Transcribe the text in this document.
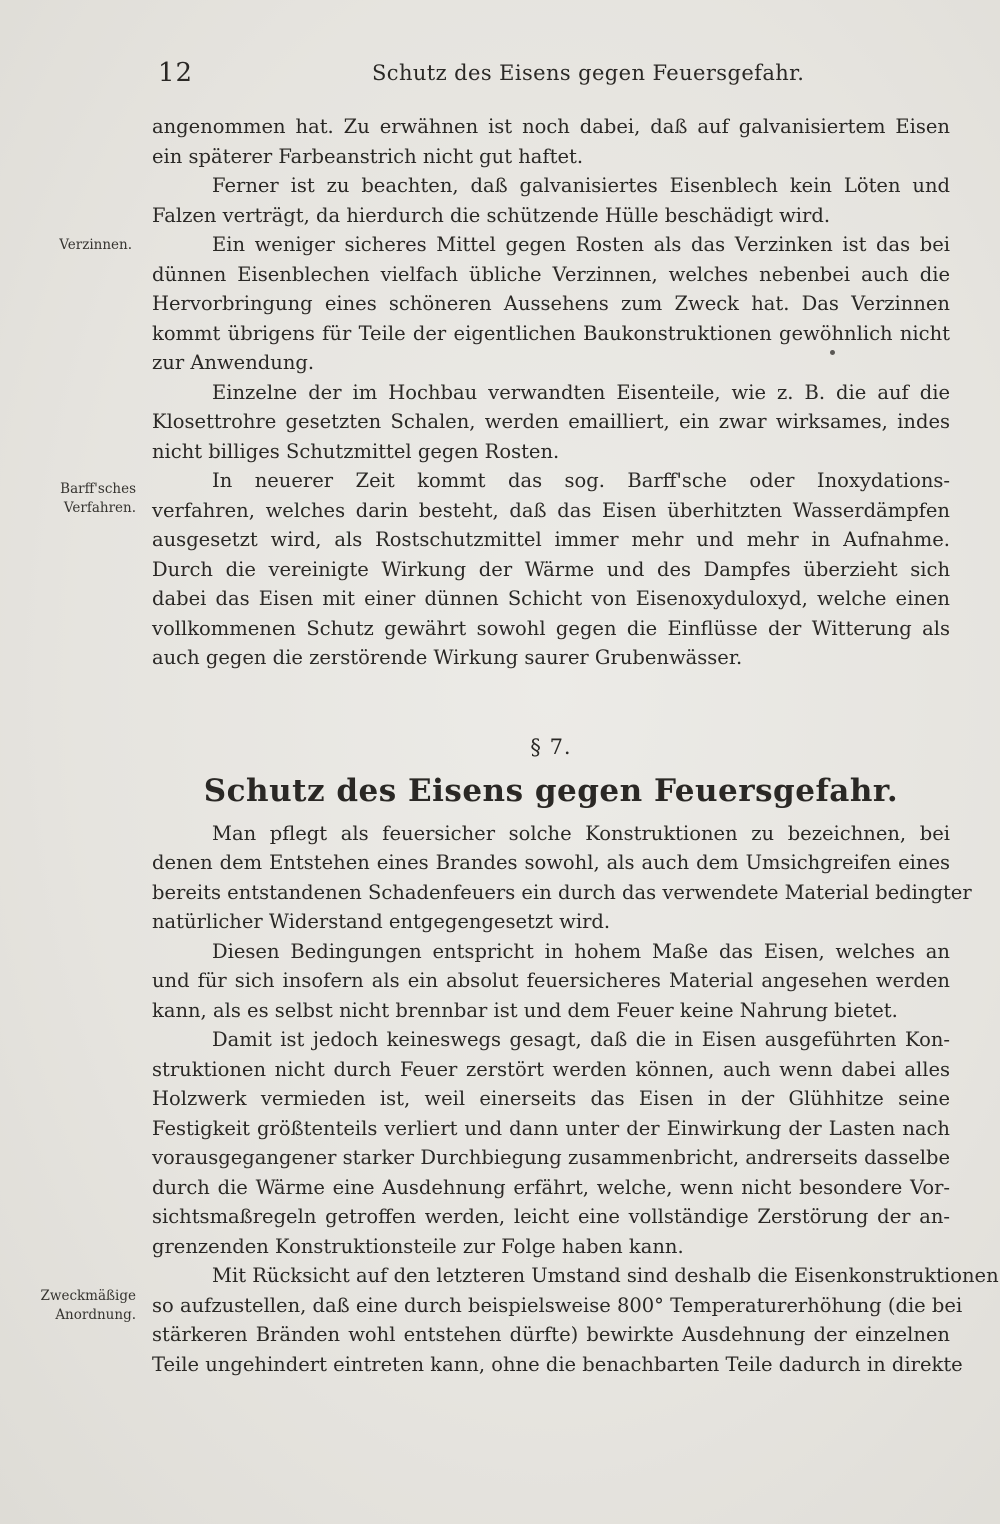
12	Schutz des Eisens gegen Feuersgefahr.
Verzinnen.
Barff'sches Verfahren.
Zweckmäßige Anordnung.
angenommen hat. Zu erwähnen ist noch dabei, daß auf galvanisiertem Eisen
ein späterer Farbeanstrich nicht gut haftet.
Ferner ist zu beachten, daß galvanisiertes Eisenblech kein Löten und
Falzen verträgt, da hierdurch die schützende Hülle beschädigt wird.
Ein weniger sicheres Mittel gegen Rosten als das Verzinken ist das bei
dünnen Eisenblechen vielfach übliche Verzinnen, welches nebenbei auch die
Hervorbringung eines schöneren Aussehens zum Zweck hat. Das Verzinnen
kommt übrigens für Teile der eigentlichen Baukonstruktionen gewöhnlich nicht
zur Anwendung.
Einzelne der im Hochbau verwandten Eisenteile, wie z. B. die auf die
Klosettrohre gesetzten Schalen, werden emailliert, ein zwar wirksames, indes
nicht billiges Schutzmittel gegen Rosten.
In neuerer Zeit kommt das sog. Barff'sche oder Inoxydations-
verfahren, welches darin besteht, daß das Eisen überhitzten Wasserdämpfen
ausgesetzt wird, als Rostschutzmittel immer mehr und mehr in Aufnahme.
Durch die vereinigte Wirkung der Wärme und des Dampfes überzieht sich
dabei das Eisen mit einer dünnen Schicht von Eisenoxyduloxyd, welche einen
vollkommenen Schutz gewährt sowohl gegen die Einflüsse der Witterung als
auch gegen die zerstörende Wirkung saurer Grubenwässer.
§ 7.
Schutz des Eisens gegen Feuersgefahr.
Man pflegt als feuersicher solche Konstruktionen zu bezeichnen, bei
denen dem Entstehen eines Brandes sowohl, als auch dem Umsichgreifen eines
bereits entstandenen Schadenfeuers ein durch das verwendete Material bedingter
natürlicher Widerstand entgegengesetzt wird.
Diesen Bedingungen entspricht in hohem Maße das Eisen, welches an
und für sich insofern als ein absolut feuersicheres Material angesehen werden
kann, als es selbst nicht brennbar ist und dem Feuer keine Nahrung bietet.
Damit ist jedoch keineswegs gesagt, daß die in Eisen ausgeführten Kon-
struktionen nicht durch Feuer zerstört werden können, auch wenn dabei alles
Holzwerk vermieden ist, weil einerseits das Eisen in der Glühhitze seine
Festigkeit größtenteils verliert und dann unter der Einwirkung der Lasten nach
vorausgegangener starker Durchbiegung zusammenbricht, andrerseits dasselbe
durch die Wärme eine Ausdehnung erfährt, welche, wenn nicht besondere Vor-
sichtsmaßregeln getroffen werden, leicht eine vollständige Zerstörung der an-
grenzenden Konstruktionsteile zur Folge haben kann.
Mit Rücksicht auf den letzteren Umstand sind deshalb die Eisenkonstruktionen
so aufzustellen, daß eine durch beispielsweise 800° Temperaturerhöhung (die bei
stärkeren Bränden wohl entstehen dürfte) bewirkte Ausdehnung der einzelnen
Teile ungehindert eintreten kann, ohne die benachbarten Teile dadurch in direkte
